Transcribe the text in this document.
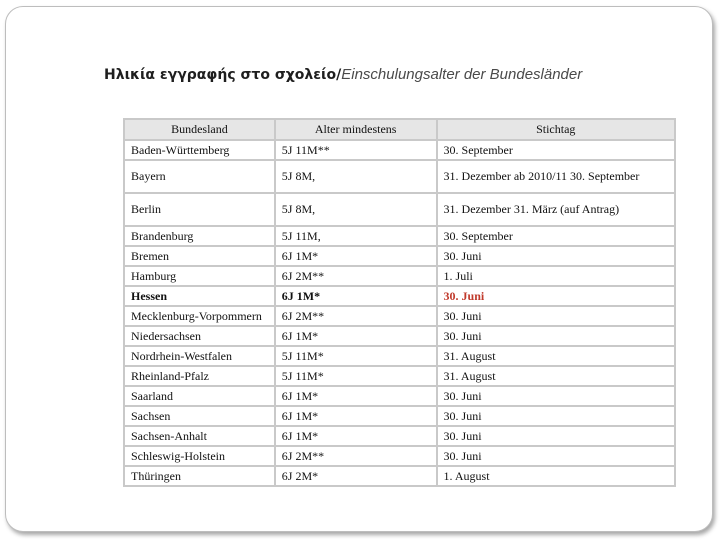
Ηλικία εγγραφής στο σχολείο/Einschulungsalter der Bundesländer
Bundesland	Alter mindestens	Stichtag
Baden-Württemberg	5J 11M**	30. September
Bayern	5J 8M,	31. Dezember ab 2010/11 30. September
Berlin	5J 8M,	31. Dezember 31. März (auf Antrag)
Brandenburg	5J 11M,	30. September
Bremen	6J 1M*	30. Juni
Hamburg	6J 2M**	1. Juli
Hessen	6J 1M*	30. Juni
Mecklenburg-Vorpommern	6J 2M**	30. Juni
Niedersachsen	6J 1M*	30. Juni
Nordrhein-Westfalen	5J 11M*	31. August
Rheinland-Pfalz	5J 11M*	31. August
Saarland	6J 1M*	30. Juni
Sachsen	6J 1M*	30. Juni
Sachsen-Anhalt	6J 1M*	30. Juni
Schleswig-Holstein	6J 2M**	30. Juni
Thüringen	6J 2M*	1. August
